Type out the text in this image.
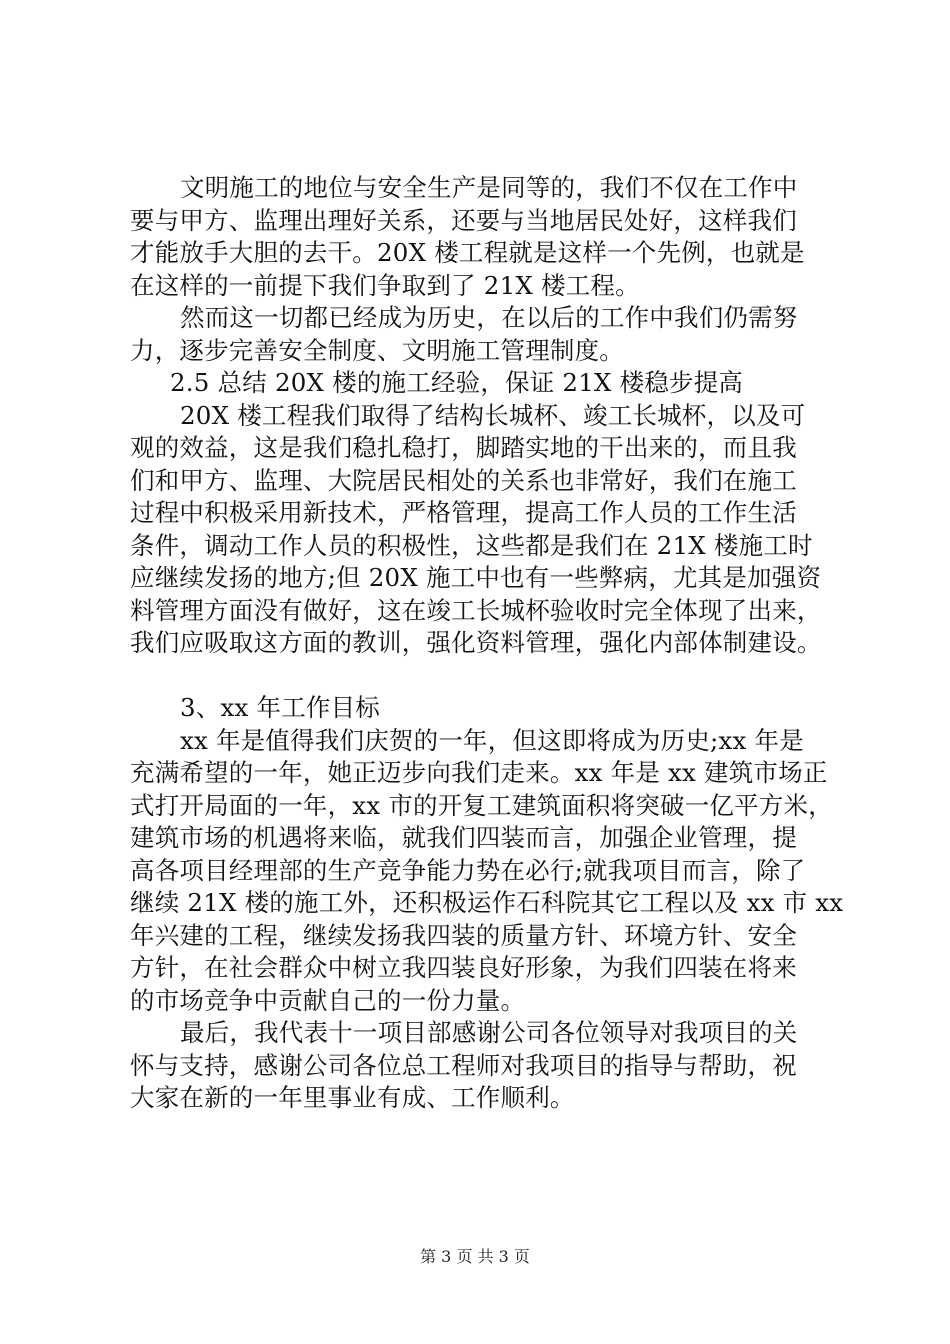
文明施工的地位与安全生产是同等的，我们不仅在工作中
要与甲方、监理出理好关系，还要与当地居民处好，这样我们
才能放手大胆的去干。20X 楼工程就是这样一个先例，也就是
在这样的一前提下我们争取到了 21X 楼工程。
然而这一切都已经成为历史，在以后的工作中我们仍需努
力，逐步完善安全制度、文明施工管理制度。
2.5 总结 20X 楼的施工经验，保证 21X 楼稳步提高
20X 楼工程我们取得了结构长城杯、竣工长城杯，以及可
观的效益，这是我们稳扎稳打，脚踏实地的干出来的，而且我
们和甲方、监理、大院居民相处的关系也非常好，我们在施工
过程中积极采用新技术，严格管理，提高工作人员的工作生活
条件，调动工作人员的积极性，这些都是我们在 21X 楼施工时
应继续发扬的地方;但 20X 施工中也有一些弊病，尤其是加强资
料管理方面没有做好，这在竣工长城杯验收时完全体现了出来，
我们应吸取这方面的教训，强化资料管理，强化内部体制建设。
3、xx 年工作目标
xx 年是值得我们庆贺的一年，但这即将成为历史;xx 年是
充满希望的一年，她正迈步向我们走来。xx 年是 xx 建筑市场正
式打开局面的一年，xx 市的开复工建筑面积将突破一亿平方米，
建筑市场的机遇将来临，就我们四装而言，加强企业管理，提
高各项目经理部的生产竞争能力势在必行;就我项目而言，除了
继续 21X 楼的施工外，还积极运作石科院其它工程以及 xx 市 xx
年兴建的工程，继续发扬我四装的质量方针、环境方针、安全
方针，在社会群众中树立我四装良好形象，为我们四装在将来
的市场竞争中贡献自己的一份力量。
最后，我代表十一项目部感谢公司各位领导对我项目的关
怀与支持，感谢公司各位总工程师对我项目的指导与帮助，祝
大家在新的一年里事业有成、工作顺利。
第 3 页 共 3 页
